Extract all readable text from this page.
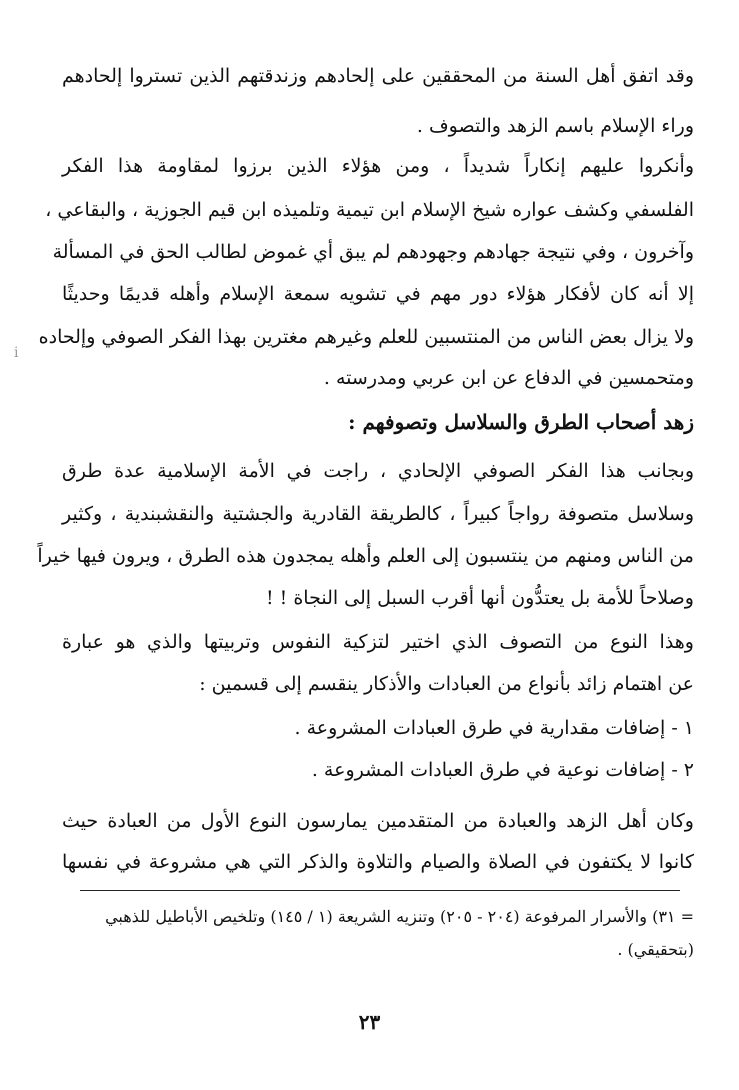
وقد اتفق أهل السنة من المحققين على إلحادهم وزندقتهم الذين تستروا إلحادهم
وراء الإسلام باسم الزهد والتصوف .
وأنكروا عليهم إنكاراً شديداً ، ومن هؤلاء الذين برزوا لمقاومة هذا الفكر
الفلسفي وكشف عواره شيخ الإسلام ابن تيمية وتلميذه ابن قيم الجوزية ، والبقاعي ،
وآخرون ، وفي نتيجة جهادهم وجهودهم لم يبق أي غموض لطالب الحق في المسألة
إلا أنه كان لأفكار هؤلاء دور مهم في تشويه سمعة الإسلام وأهله قديمًا وحديثًا
ولا يزال بعض الناس من المنتسبين للعلم وغيرهم مغترين بهذا الفكر الصوفي وإلحاده
ومتحمسين في الدفاع عن ابن عربي ومدرسته .
زهد أصحاب الطرق والسلاسل وتصوفهم :
وبجانب هذا الفكر الصوفي الإلحادي ، راجت في الأمة الإسلامية عدة طرق
وسلاسل متصوفة رواجاً كبيراً ، كالطريقة القادرية والجشتية والنقشبندية ، وكثير
من الناس ومنهم من ينتسبون إلى العلم وأهله يمجدون هذه الطرق ، ويرون فيها خيراً
وصلاحاً للأمة بل يعتدُّون أنها أقرب السبل إلى النجاة ! !
وهذا النوع من التصوف الذي اختير لتزكية النفوس وتربيتها والذي هو عبارة
عن اهتمام زائد بأنواع من العبادات والأذكار ينقسم إلى قسمين :
١ - إضافات مقدارية في طرق العبادات المشروعة .
٢ - إضافات نوعية في طرق العبادات المشروعة .
وكان أهل الزهد والعبادة من المتقدمين يمارسون النوع الأول من العبادة حيث
كانوا لا يكتفون في الصلاة والصيام والتلاوة والذكر التي هي مشروعة في نفسها
= ٣١) والأسرار المرفوعة (٢٠٤ - ٢٠٥) وتنزيه الشريعة (١ / ١٤٥) وتلخيص الأباطيل للذهبي
(بتحقيقي) .
٢٣
ⅰ
